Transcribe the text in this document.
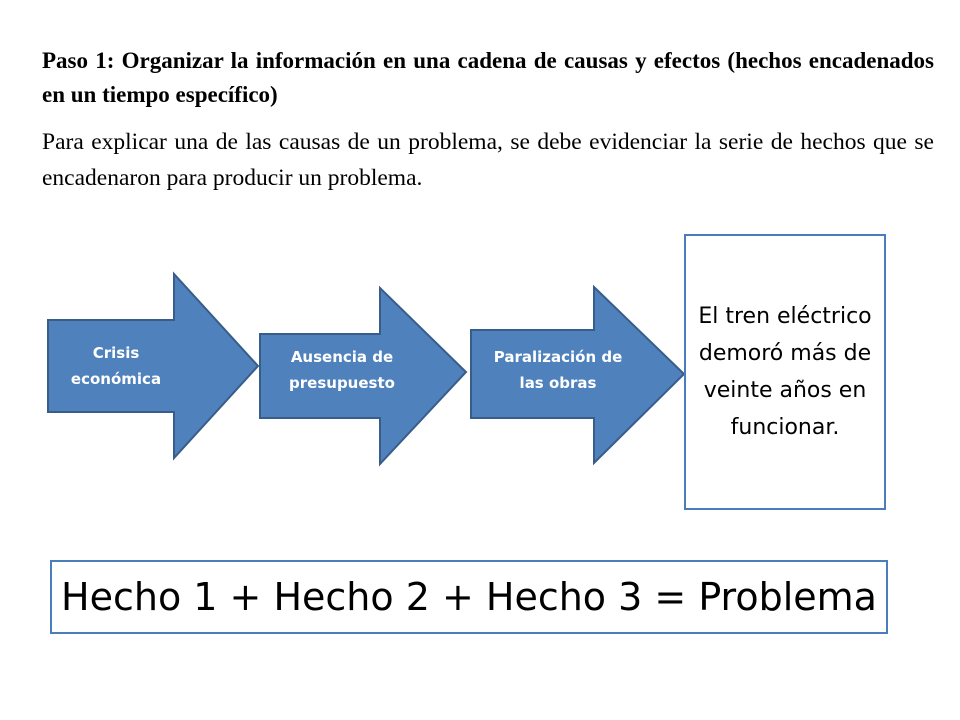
Paso 1: Organizar la información en una cadena de causas y efectos (hechos encadenados en un tiempo específico)
Para explicar una de las causas de un problema, se debe evidenciar la serie de hechos que se encadenaron para producir un problema.
Crisis económica
Ausencia de presupuesto
Paralización de las obras
El tren eléctrico demoró más de veinte años en funcionar.
Hecho 1 + Hecho 2 + Hecho 3 = Problema
